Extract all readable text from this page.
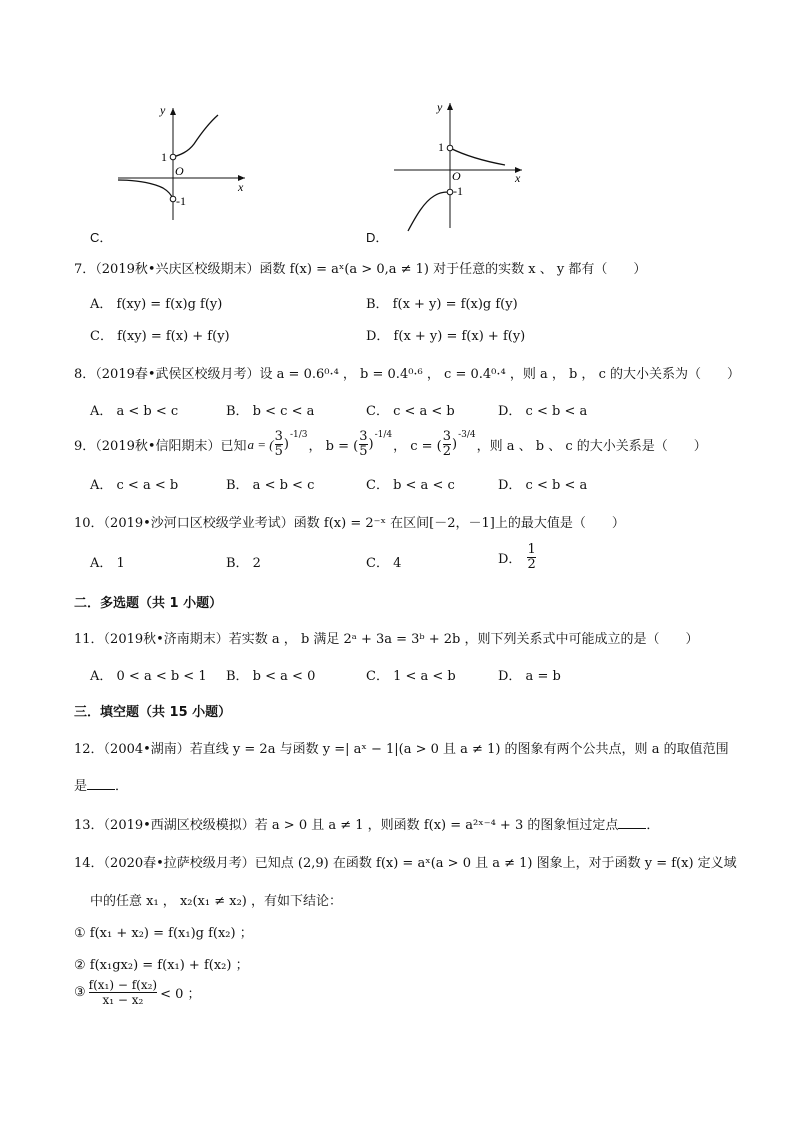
y
x
O
1
-1
C．
y
x
O
1
-1
D．
7．（2019秋•兴庆区校级期末）函数 f(x) = aˣ(a > 0,a ≠ 1) 对于任意的实数 x 、 y 都有（　　）
A． f(xy) = f(x)g f(y)	B． f(x + y) = f(x)g f(y)
C． f(xy) = f(x) + f(y)	D． f(x + y) = f(x) + f(y)
8．（2019春•武侯区校级月考）设 a = 0.6⁰·⁴ ， b = 0.4⁰·⁶ ， c = 0.4⁰·⁴ ，则 a ， b ， c 的大小关系为（　　）
A． a < b < c	B． b < c < a	C． c < a < b	D． c < b < a
9．（2019秋•信阳期末）已知 a = ( $\frac{3}{5}$ )
$^{-1/3}$
， b = ( $\frac{3}{5}$ )
$^{-1/4}$
， c = ( $\frac{3}{2}$ )
$^{-3/4}$
，则 a 、 b 、 c 的大小关系是（　　）
A． c < a < b	B． a < b < c	C． b < a < c	D． c < b < a
10．（2019•沙河口区校级学业考试）函数 f(x) = 2⁻ˣ 在区间[－2，－1]上的最大值是（　　）
A． 1	B． 2	C． 4	D． $\frac{1}{2}$
二．多选题（共 1 小题）
11．（2019秋•济南期末）若实数 a ， b 满足 2ᵃ + 3a = 3ᵇ + 2b ，则下列关系式中可能成立的是（　　）
A． 0 < a < b < 1 B． b < a < 0	C． 1 < a < b	D． a = b
三．填空题（共 15 小题）
12．（2004•湖南）若直线 y = 2a 与函数 y =| aˣ − 1|(a > 0 且 a ≠ 1) 的图象有两个公共点，则 a 的取值范围
是 ．
13．（2019•西湖区校级模拟）若 a > 0 且 a ≠ 1 ，则函数 f(x) = a²ˣ⁻⁴ + 3 的图象恒过定点 ．
14．（2020春•拉萨校级月考）已知点 (2,9) 在函数 f(x) = aˣ(a > 0 且 a ≠ 1) 图象上，对于函数 y = f(x) 定义域
中的任意 x₁ ， x₂(x₁ ≠ x₂) ，有如下结论：
① f(x₁ + x₂) = f(x₁)g f(x₂) ；
② f(x₁gx₂) = f(x₁) + f(x₂) ；
③ $\frac{\text{f(x₁) − f(x₂)}}{\text{x₁ − x₂}} < 0$ ；
